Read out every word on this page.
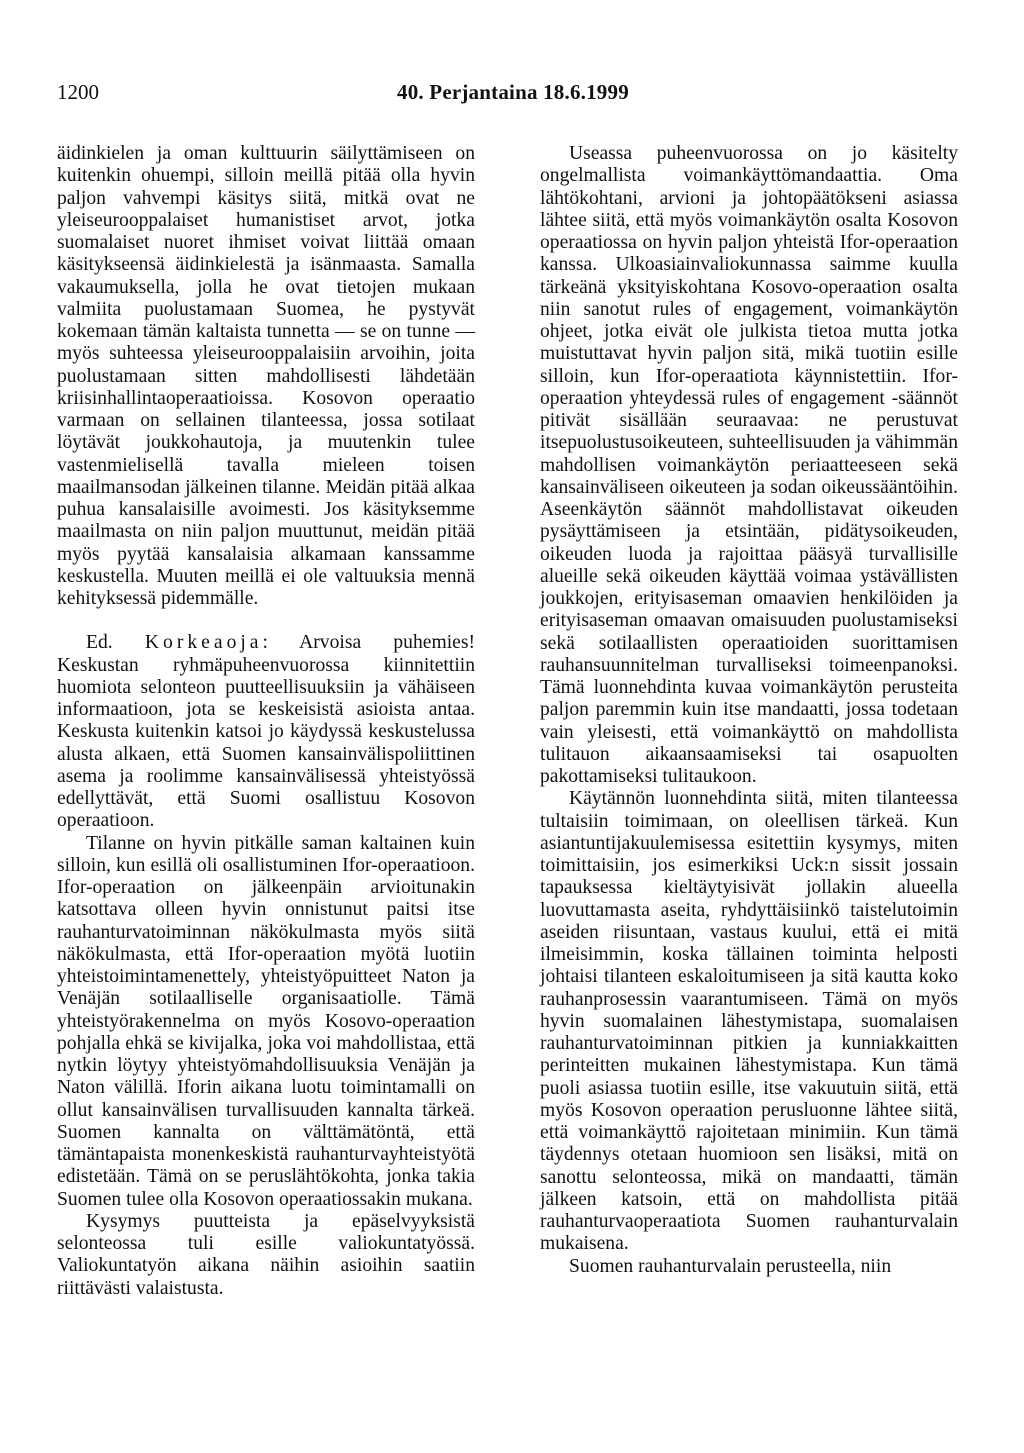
1200	40. Perjantaina 18.6.1999

äidinkielen ja oman kulttuurin säilyttämiseen on kuitenkin ohuempi, silloin meillä pitää olla hyvin paljon vahvempi käsitys siitä, mitkä ovat ne yleiseurooppalaiset humanistiset arvot, jotka suomalaiset nuoret ihmiset voivat liittää omaan käsitykseensä äidinkielestä ja isänmaasta. Samalla vakaumuksella, jolla he ovat tietojen mukaan valmiita puolustamaan Suomea, he pystyvät kokemaan tämän kaltaista tunnetta — se on tunne — myös suhteessa yleiseurooppalaisiin arvoihin, joita puolustamaan sitten mahdollisesti lähdetään kriisinhallintaoperaatioissa. Kosovon operaatio varmaan on sellainen tilanteessa, jossa sotilaat löytävät joukkohautoja, ja muutenkin tulee vastenmielisellä tavalla mieleen toisen maailmansodan jälkeinen tilanne. Meidän pitää alkaa puhua kansalaisille avoimesti. Jos käsityksemme maailmasta on niin paljon muuttunut, meidän pitää myös pyytää kansalaisia alkamaan kanssamme keskustella. Muuten meillä ei ole valtuuksia mennä kehityksessä pidemmälle.

Ed. Korkeaoja: Arvoisa puhemies! Keskustan ryhmäpuheenvuorossa kiinnitettiin huomiota selonteon puutteellisuuksiin ja vähäiseen informaatioon, jota se keskeisistä asioista antaa. Keskusta kuitenkin katsoi jo käydyssä keskustelussa alusta alkaen, että Suomen kansainvälispoliittinen asema ja roolimme kansainvälisessä yhteistyössä edellyttävät, että Suomi osallistuu Kosovon operaatioon.

Tilanne on hyvin pitkälle saman kaltainen kuin silloin, kun esillä oli osallistuminen Ifor-operaatioon. Ifor-operaation on jälkeenpäin arvioitunakin katsottava olleen hyvin onnistunut paitsi itse rauhanturvatoiminnan näkökulmasta myös siitä näkökulmasta, että Ifor-operaation myötä luotiin yhteistoimintamenettely, yhteistyöpuitteet Naton ja Venäjän sotilaalliselle organisaatiolle. Tämä yhteistyörakennelma on myös Kosovo-operaation pohjalla ehkä se kivijalka, joka voi mahdollistaa, että nytkin löytyy yhteistyömahdollisuuksia Venäjän ja Naton välillä. Iforin aikana luotu toimintamalli on ollut kansainvälisen turvallisuuden kannalta tärkeä. Suomen kannalta on välttämätöntä, että tämäntapaista monenkeskistä rauhanturvayhteistyötä edistetään. Tämä on se peruslähtökohta, jonka takia Suomen tulee olla Kosovon operaatiossakin mukana.

Kysymys puutteista ja epäselvyyksistä selonteossa tuli esille valiokuntatyössä. Valiokuntatyön aikana näihin asioihin saatiin riittävästi valaistusta.

Useassa puheenvuorossa on jo käsitelty ongelmallista voimankäyttömandaattia. Oma lähtökohtani, arvioni ja johtopäätökseni asiassa lähtee siitä, että myös voimankäytön osalta Kosovon operaatiossa on hyvin paljon yhteistä Ifor-operaation kanssa. Ulkoasiainvaliokunnassa saimme kuulla tärkeänä yksityiskohtana Kosovo-operaation osalta niin sanotut rules of engagement, voimankäytön ohjeet, jotka eivät ole julkista tietoa mutta jotka muistuttavat hyvin paljon sitä, mikä tuotiin esille silloin, kun Ifor-operaatiota käynnistettiin. Ifor-operaation yhteydessä rules of engagement -säännöt pitivät sisällään seuraavaa: ne perustuvat itsepuolustusoikeuteen, suhteellisuuden ja vähimmän mahdollisen voimankäytön periaatteeseen sekä kansainväliseen oikeuteen ja sodan oikeussääntöihin. Aseenkäytön säännöt mahdollistavat oikeuden pysäyttämiseen ja etsintään, pidätysoikeuden, oikeuden luoda ja rajoittaa pääsyä turvallisille alueille sekä oikeuden käyttää voimaa ystävällisten joukkojen, erityisaseman omaavien henkilöiden ja erityisaseman omaavan omaisuuden puolustamiseksi sekä sotilaallisten operaatioiden suorittamisen rauhansuunnitelman turvalliseksi toimeenpanoksi. Tämä luonnehdinta kuvaa voimankäytön perusteita paljon paremmin kuin itse mandaatti, jossa todetaan vain yleisesti, että voimankäyttö on mahdollista tulitauon aikaansaamiseksi tai osapuolten pakottamiseksi tulitaukoon.

Käytännön luonnehdinta siitä, miten tilanteessa tultaisiin toimimaan, on oleellisen tärkeä. Kun asiantuntijakuulemisessa esitettiin kysymys, miten toimittaisiin, jos esimerkiksi Uck:n sissit jossain tapauksessa kieltäytyisivät jollakin alueella luovuttamasta aseita, ryhdyttäisiinkö taistelutoimin aseiden riisuntaan, vastaus kuului, että ei mitä ilmeisimmin, koska tällainen toiminta helposti johtaisi tilanteen eskaloitumiseen ja sitä kautta koko rauhanprosessin vaarantumiseen. Tämä on myös hyvin suomalainen lähestymistapa, suomalaisen rauhanturvatoiminnan pitkien ja kunniakkaitten perinteitten mukainen lähestymistapa. Kun tämä puoli asiassa tuotiin esille, itse vakuutuin siitä, että myös Kosovon operaation perusluonne lähtee siitä, että voimankäyttö rajoitetaan minimiin. Kun tämä täydennys otetaan huomioon sen lisäksi, mitä on sanottu selonteossa, mikä on mandaatti, tämän jälkeen katsoin, että on mahdollista pitää rauhanturvaoperaatiota Suomen rauhanturvalain mukaisena.

Suomen rauhanturvalain perusteella, niin
